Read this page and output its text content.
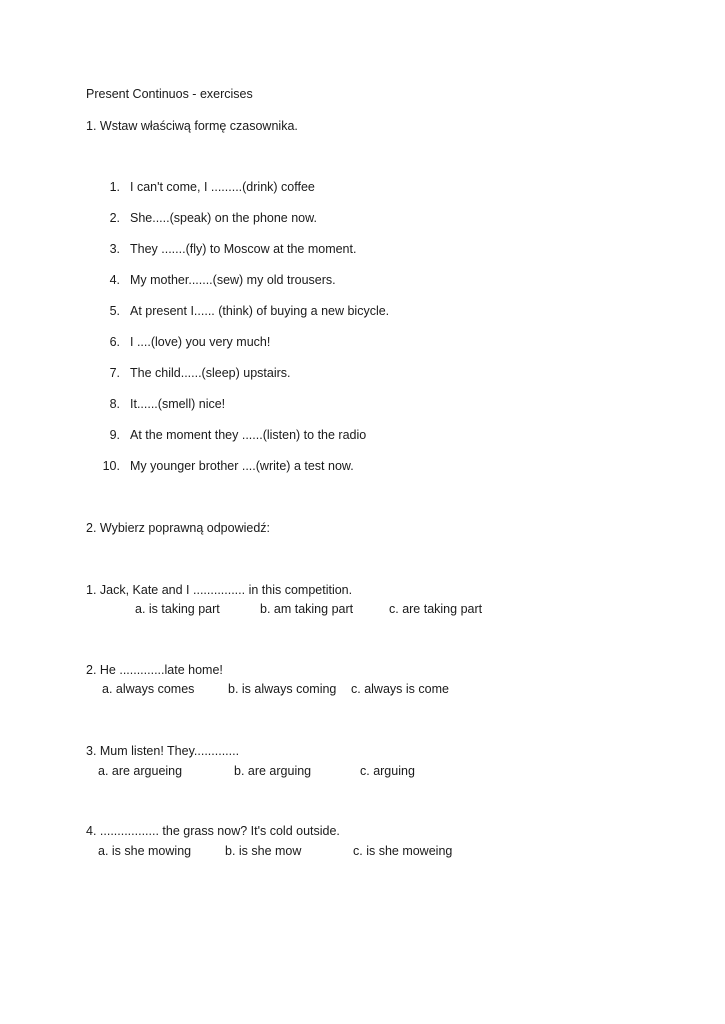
Present Continuos - exercises
1. Wstaw właściwą formę czasownika.
1. I can't come, I .........(drink) coffee
2. She.....(speak) on the phone now.
3. They .......(fly) to Moscow at the moment.
4. My mother.......(sew) my old trousers.
5. At present I...... (think) of buying a new bicycle.
6. I ....(love) you very much!
7. The child......(sleep) upstairs.
8. It......(smell) nice!
9. At the moment they ......(listen) to the radio
10. My younger brother ....(write) a test now.
2. Wybierz poprawną odpowiedź:
1. Jack, Kate and I ............... in this competition.
a. is taking part	b. am taking part	c. are taking part
2. He .............late home!
a. always comes	b. is always coming c. always is come
3. Mum listen! They.............
a. are argueing	b. are arguing	c. arguing
4. ................. the grass now? It's cold outside.
a. is she mowing	b. is she mow	c. is she moweing
